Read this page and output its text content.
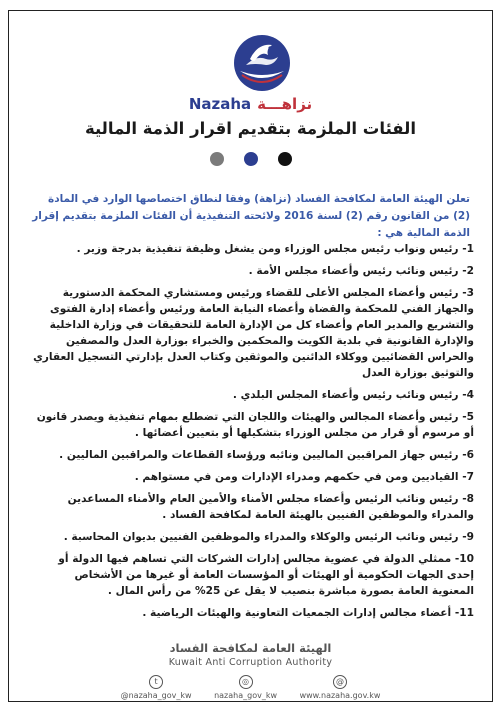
Nazaha نزاهـــة
الفئات الملزمة بتقديم اقرار الذمة المالية
تعلن الهيئة العامة لمكافحة الفساد (نزاهة) وفقا لنطاق اختصاصها الوارد في المادة (2) من القانون رقم (2) لسنة 2016 ولائحته التنفيذية أن الفئات الملزمة بتقديم إقرار الذمة المالية هي :
1- رئيس ونواب رئيس مجلس الوزراء ومن يشغل وظيفة تنفيذية بدرجة وزير .
2- رئيس ونائب رئيس وأعضاء مجلس الأمة .
3- رئيس وأعضاء المجلس الأعلى للقضاء ورئيس ومستشاري المحكمة الدستورية والجهاز الفني للمحكمة والقضاة وأعضاء النيابة العامة ورئيس وأعضاء إدارة الفتوى والتشريع والمدير العام وأعضاء كل من الإدارة العامة للتحقيقات في وزارة الداخلية والإدارة القانونية في بلدية الكويت والمحكمين والخبراء بوزارة العدل والمصفين والحراس القضائيين ووكلاء الدائنين والموثقين وكتاب العدل بإدارتي التسجيل العقاري والتوثيق بوزارة العدل
4- رئيس ونائب رئيس وأعضاء المجلس البلدي .
5- رئيس وأعضاء المجالس والهيئات واللجان التي تضطلع بمهام تنفيذية ويصدر قانون أو مرسوم أو قرار من مجلس الوزراء بتشكيلها أو بتعيين أعضائها .
6- رئيس جهاز المراقبين الماليين ونائبه ورؤساء القطاعات والمراقبين الماليين .
7- القياديين ومن في حكمهم ومدراء الإدارات ومن في مستواهم .
8- رئيس ونائب الرئيس وأعضاء مجلس الأمناء والأمين العام والأمناء المساعدين والمدراء والموظفين الفنيين بالهيئة العامة لمكافحة الفساد .
9- رئيس ونائب الرئيس والوكلاء والمدراء والموظفين الفنيين بديوان المحاسبة .
10- ممثلي الدولة في عضوية مجالس إدارات الشركات التي تساهم فيها الدولة أو إحدى الجهات الحكومية أو الهيئات أو المؤسسات العامة أو غيرها من الأشخاص المعنوية العامة بصورة مباشرة بنصيب لا يقل عن 25% من رأس المال .
11- أعضاء مجالس إدارات الجمعيات التعاونية والهيئات الرياضية .
الهيئة العامة لمكافحة الفساد
Kuwait Anti Corruption Authority
t
@nazaha_gov_kw
◎
nazaha_gov_kw
@
www.nazaha.gov.kw
